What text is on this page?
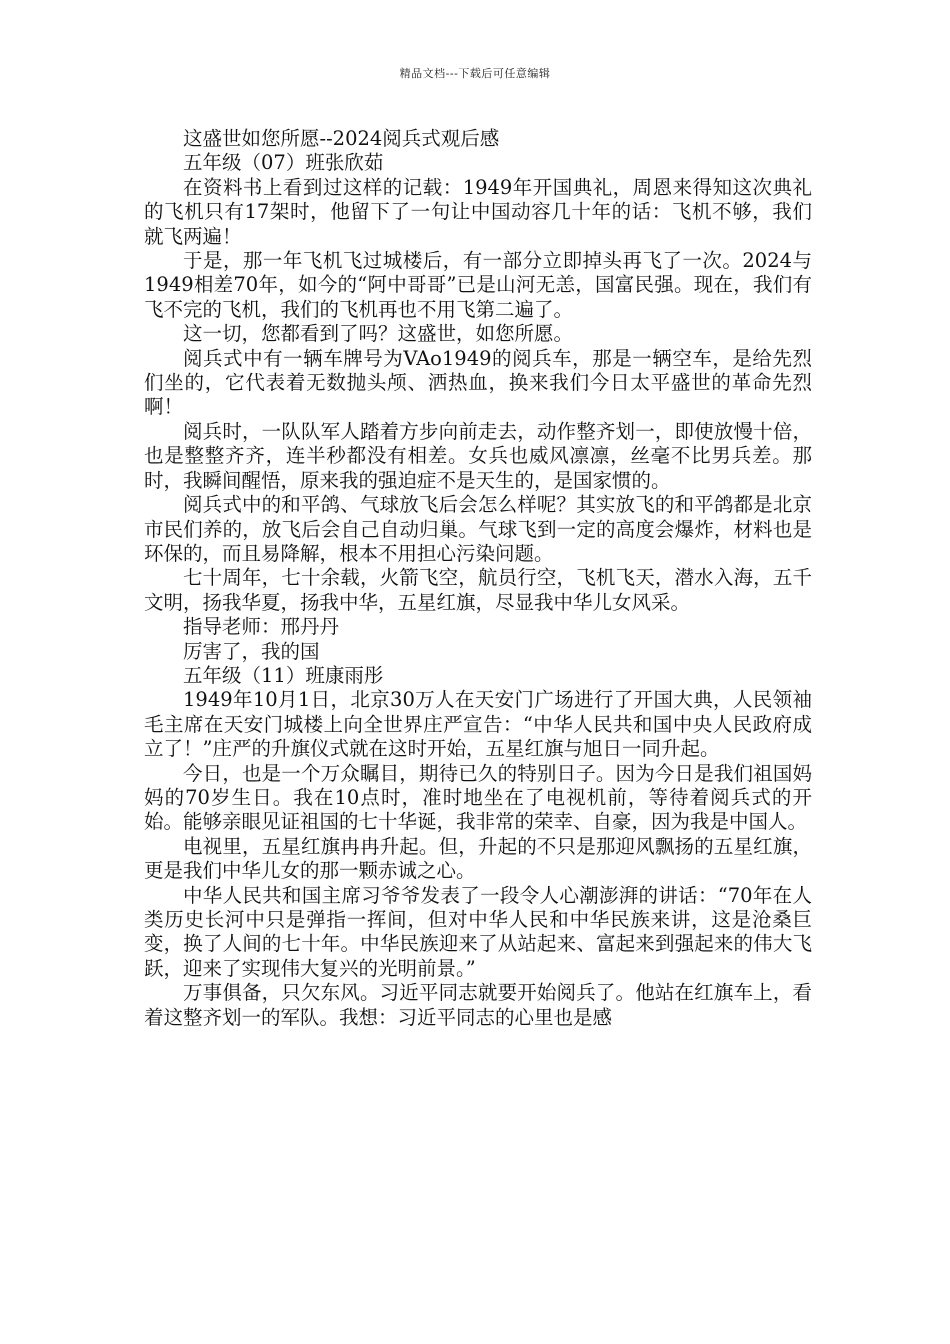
精品文档---下载后可任意编辑

这盛世如您所愿--2024阅兵式观后感

五年级（07）班张欣茹

在资料书上看到过这样的记载：1949年开国典礼，周恩来得知这次典礼的飞机只有17架时，他留下了一句让中国动容几十年的话：飞机不够，我们就飞两遍！

于是，那一年飞机飞过城楼后，有一部分立即掉头再飞了一次。2024与1949相差70年，如今的“阿中哥哥”已是山河无恙，国富民强。现在，我们有飞不完的飞机，我们的飞机再也不用飞第二遍了。

这一切，您都看到了吗？这盛世，如您所愿。

阅兵式中有一辆车牌号为VAo1949的阅兵车，那是一辆空车，是给先烈们坐的，它代表着无数抛头颅、洒热血，换来我们今日太平盛世的革命先烈啊！

阅兵时，一队队军人踏着方步向前走去，动作整齐划一，即使放慢十倍，也是整整齐齐，连半秒都没有相差。女兵也威风凛凛，丝毫不比男兵差。那时，我瞬间醒悟，原来我的强迫症不是天生的，是国家惯的。

阅兵式中的和平鸽、气球放飞后会怎么样呢？其实放飞的和平鸽都是北京市民们养的，放飞后会自己自动归巢。气球飞到一定的高度会爆炸，材料也是环保的，而且易降解，根本不用担心污染问题。

七十周年，七十余载，火箭飞空，航员行空，飞机飞天，潜水入海，五千文明，扬我华夏，扬我中华，五星红旗，尽显我中华儿女风采。

指导老师：邢丹丹

厉害了，我的国

五年级（11）班康雨彤

1949年10月1日，北京30万人在天安门广场进行了开国大典，人民领袖毛主席在天安门城楼上向全世界庄严宣告：“中华人民共和国中央人民政府成立了！”庄严的升旗仪式就在这时开始，五星红旗与旭日一同升起。

今日，也是一个万众瞩目，期待已久的特别日子。因为今日是我们祖国妈妈的70岁生日。我在10点时，准时地坐在了电视机前，等待着阅兵式的开始。能够亲眼见证祖国的七十华诞，我非常的荣幸、自豪，因为我是中国人。

电视里，五星红旗冉冉升起。但，升起的不只是那迎风飘扬的五星红旗，更是我们中华儿女的那一颗赤诚之心。

中华人民共和国主席习爷爷发表了一段令人心潮澎湃的讲话：“70年在人类历史长河中只是弹指一挥间，但对中华人民和中华民族来讲，这是沧桑巨变，换了人间的七十年。中华民族迎来了从站起来、富起来到强起来的伟大飞跃，迎来了实现伟大复兴的光明前景。”

万事俱备，只欠东风。习近平同志就要开始阅兵了。他站在红旗车上，看着这整齐划一的军队。我想：习近平同志的心里也是感
